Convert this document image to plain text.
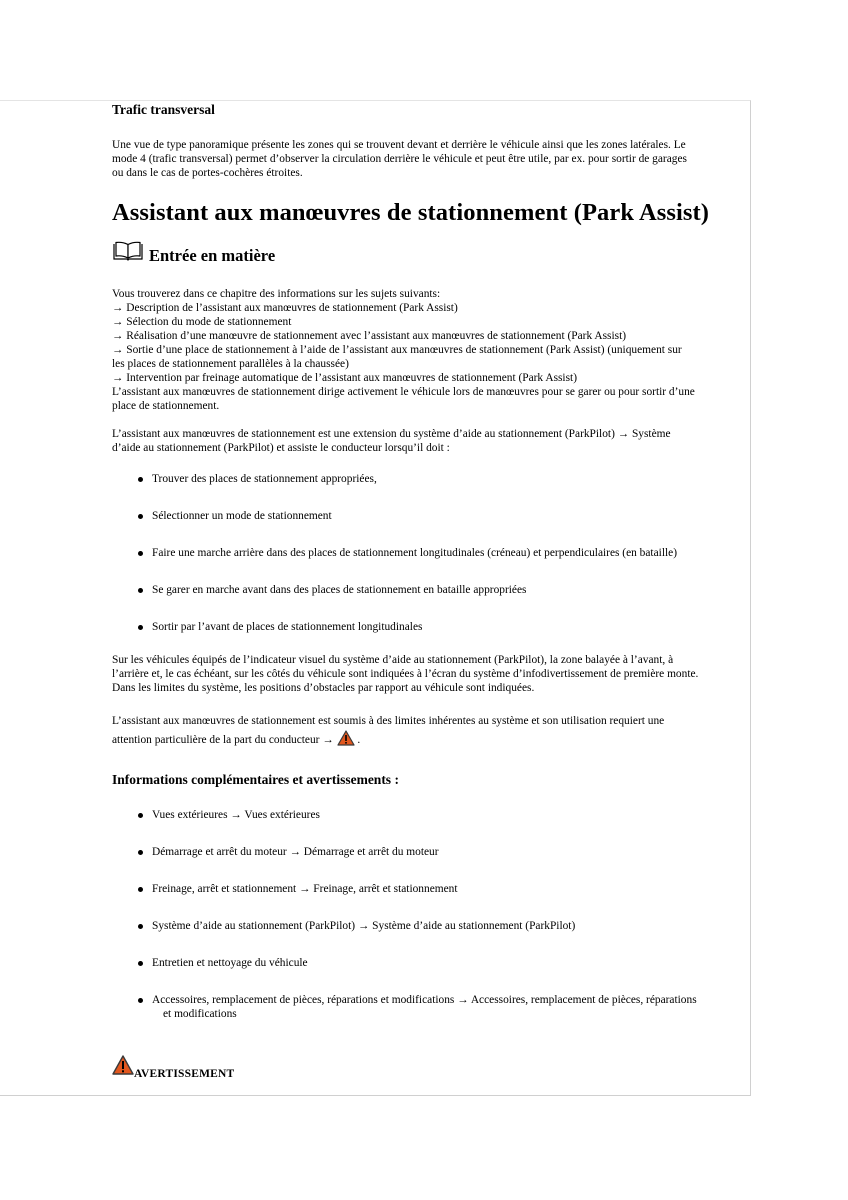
Trafic transversal

Une vue de type panoramique présente les zones qui se trouvent devant et derrière le véhicule ainsi que les zones latérales. Le

mode 4 (trafic transversal) permet d’observer la circulation derrière le véhicule et peut être utile, par ex. pour sortir de garages

ou dans le cas de portes-cochères étroites.

Assistant aux manœuvres de stationnement (Park Assist)

Entrée en matière

Vous trouverez dans ce chapitre des informations sur les sujets suivants:

→ Description de l’assistant aux manœuvres de stationnement (Park Assist)

→ Sélection du mode de stationnement

→ Réalisation d’une manœuvre de stationnement avec l’assistant aux manœuvres de stationnement (Park Assist)

→ Sortie d’une place de stationnement à l’aide de l’assistant aux manœuvres de stationnement (Park Assist) (uniquement sur

les places de stationnement parallèles à la chaussée)

→ Intervention par freinage automatique de l’assistant aux manœuvres de stationnement (Park Assist)

L’assistant aux manœuvres de stationnement dirige activement le véhicule lors de manœuvres pour se garer ou pour sortir d’une

place de stationnement.

L’assistant aux manœuvres de stationnement est une extension du système d’aide au stationnement (ParkPilot) → Système

d’aide au stationnement (ParkPilot) et assiste le conducteur lorsqu’il doit :

Trouver des places de stationnement appropriées,
Sélectionner un mode de stationnement
Faire une marche arrière dans des places de stationnement longitudinales (créneau) et perpendiculaires (en bataille)
Se garer en marche avant dans des places de stationnement en bataille appropriées
Sortir par l’avant de places de stationnement longitudinales

Sur les véhicules équipés de l’indicateur visuel du système d’aide au stationnement (ParkPilot), la zone balayée à l’avant, à

l’arrière et, le cas échéant, sur les côtés du véhicule sont indiquées à l’écran du système d’infodivertissement de première monte.

Dans les limites du système, les positions d’obstacles par rapport au véhicule sont indiquées.

L’assistant aux manœuvres de stationnement est soumis à des limites inhérentes au système et son utilisation requiert une

attention particulière de la part du conducteur →  .

Informations complémentaires et avertissements :

Vues extérieures → Vues extérieures
Démarrage et arrêt du moteur → Démarrage et arrêt du moteur
Freinage, arrêt et stationnement → Freinage, arrêt et stationnement
Système d’aide au stationnement (ParkPilot) → Système d’aide au stationnement (ParkPilot)
Entretien et nettoyage du véhicule
Accessoires, remplacement de pièces, réparations et modifications → Accessoires, remplacement de pièces, réparations
et modifications
AVERTISSEMENT
